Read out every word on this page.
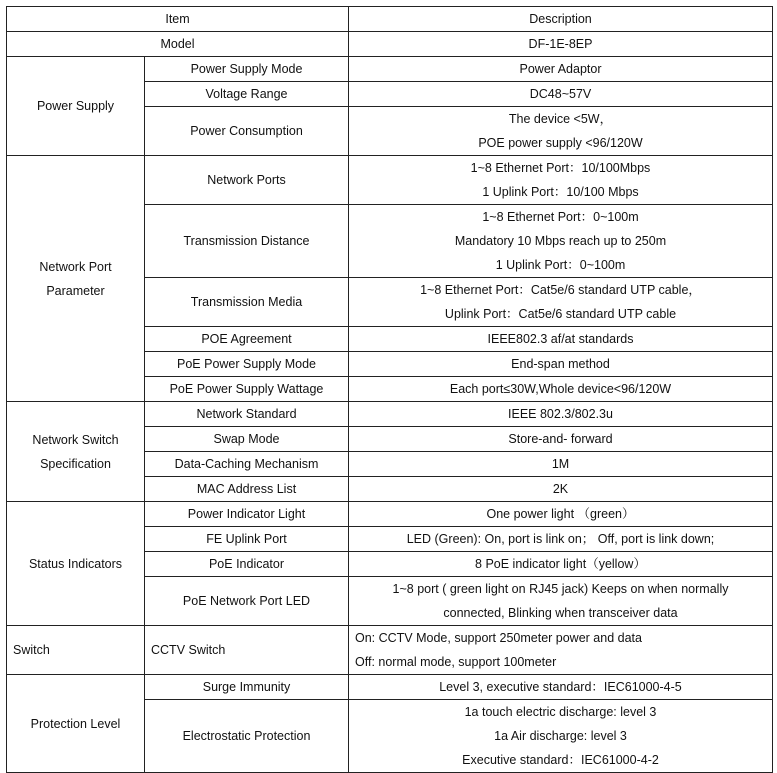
Item		Description
Model		DF-1E-8EP
Power Supply	Power Supply Mode	Power Adaptor

	Voltage Range	DC48~57V

	Power Consumption	The device <5W，
POE power supply <96/120W

Network Port
Parameter	Network Ports	1~8 Ethernet Port：10/100Mbps
1 Uplink Port：10/100 Mbps

	Transmission Distance	1~8 Ethernet Port：0~100m
Mandatory 10 Mbps reach up to 250m
1 Uplink Port：0~100m

	Transmission Media	1~8 Ethernet Port：Cat5e/6 standard UTP cable，
Uplink Port：Cat5e/6 standard UTP cable

	POE Agreement	IEEE802.3 af/at standards

	PoE Power Supply Mode	End-span method

	PoE Power Supply Wattage	Each port≤30W,Whole device<96/120W

Network Switch
Specification	Network Standard	IEEE 802.3/802.3u

	Swap Mode	Store-and- forward

	Data-Caching Mechanism	1M

	MAC Address List	2K

Status Indicators	Power Indicator Light	One power light （green）

	FE Uplink Port	LED (Green): On, port is link on； Off, port is link down;

	PoE Indicator	8 PoE indicator light（yellow）

	PoE Network Port LED	1~8 port ( green light on RJ45 jack) Keeps on when normally
connected, Blinking when transceiver data

Switch	CCTV Switch	On: CCTV Mode, support 250meter power and data
Off: normal mode, support 100meter

Protection Level	Surge Immunity	Level 3, executive standard：IEC61000-4-5

	Electrostatic Protection	1a touch electric discharge: level 3
1a Air discharge: level 3
Executive standard：IEC61000-4-2
